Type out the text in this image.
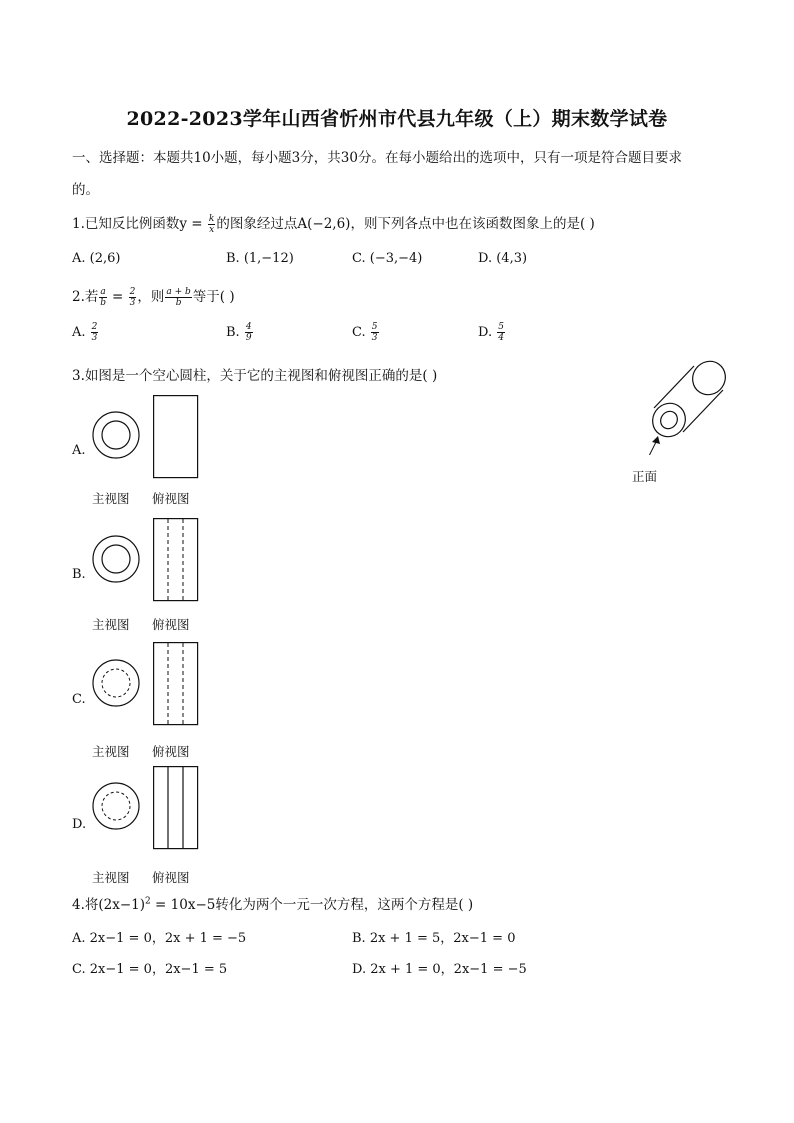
2022-2023学年山西省忻州市代县九年级（上）期末数学试卷
一、选择题：本题共10小题，每小题3分，共30分。在每小题给出的选项中，只有一项是符合题目要求
的。
1.已知反比例函数$y = \frac{k}{x}$ 的图象经过点A(−2,6)，则下列各点中也在该函数图象上的是( )
A. (2,6)	B. (1,−12)	C. (−3,−4)	D. (4,3)
2.若 $\frac{a}{b} = \frac{2}{3}$ ，则 $\frac{a + b}{b}$ 等于( )
A. $\frac{2}{3}$	B. $\frac{4}{9}$	C. $\frac{5}{3}$	D. $\frac{5}{4}$
3.如图是一个空心圆柱，关于它的主视图和俯视图正确的是( )
正面
A.
主视图 俯视图
B.
主视图 俯视图
C.
主视图 俯视图
D.
主视图 俯视图
4.将$(2x-1)^2 = 10x-5$转化为两个一元一次方程，这两个方程是( )
A. 2x−1 = 0，2x + 1 = −5	B. 2x + 1 = 5，2x−1 = 0
C. 2x−1 = 0，2x−1 = 5	D. 2x + 1 = 0，2x−1 = −5
